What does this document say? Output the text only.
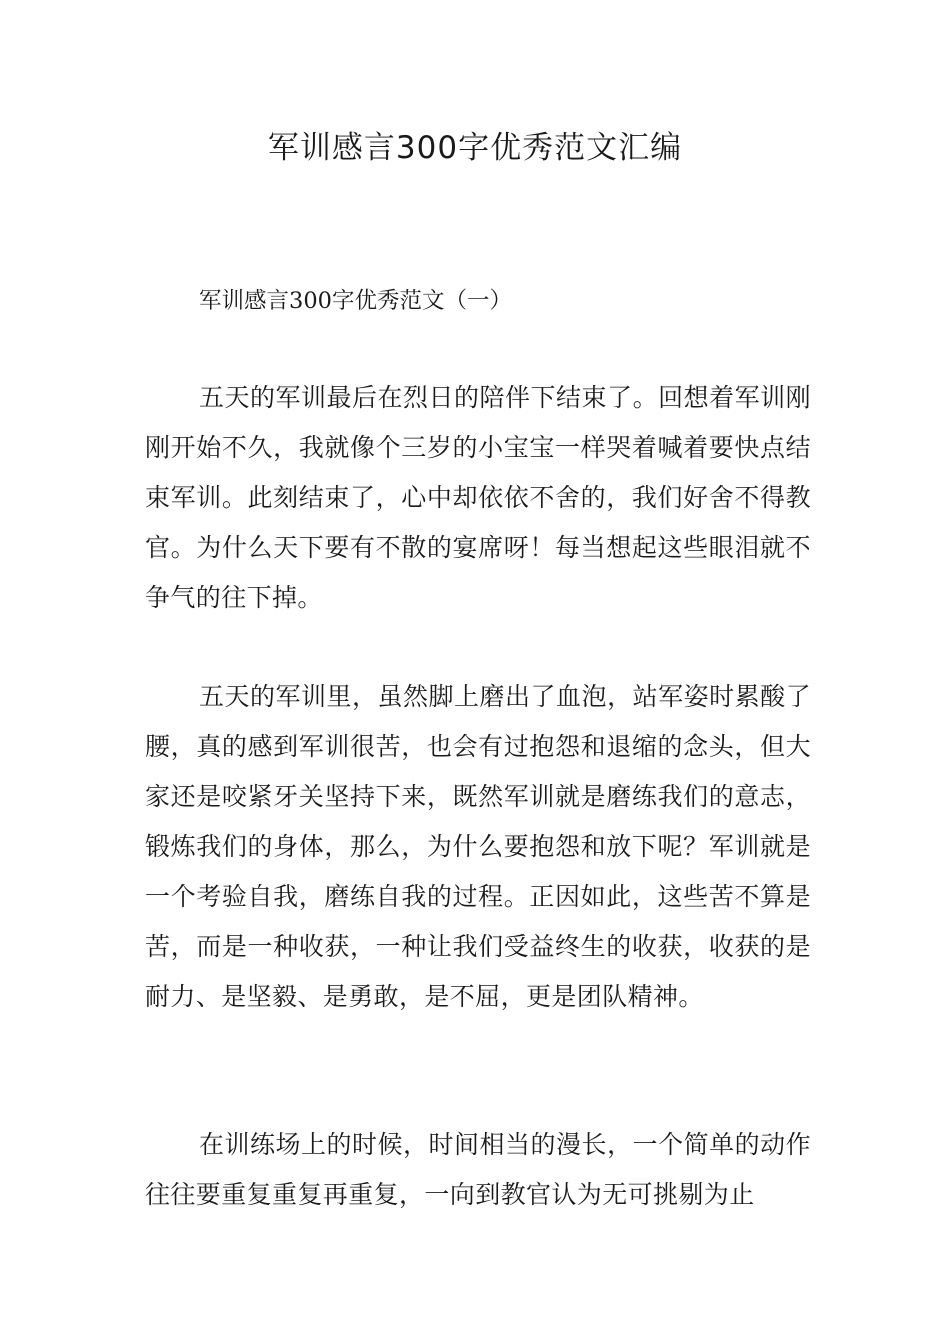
军训感言300字优秀范文汇编
军训感言300字优秀范文（一）

五天的军训最后在烈日的陪伴下结束了。回想着军训刚刚开始不久，我就像个三岁的小宝宝一样哭着喊着要快点结束军训。此刻结束了，心中却依依不舍的，我们好舍不得教官。为什么天下要有不散的宴席呀！每当想起这些眼泪就不争气的往下掉。

五天的军训里，虽然脚上磨出了血泡，站军姿时累酸了腰，真的感到军训很苦，也会有过抱怨和退缩的念头，但大家还是咬紧牙关坚持下来，既然军训就是磨练我们的意志，锻炼我们的身体，那么，为什么要抱怨和放下呢？军训就是一个考验自我，磨练自我的过程。正因如此，这些苦不算是苦，而是一种收获，一种让我们受益终生的收获，收获的是耐力、是坚毅、是勇敢，是不屈，更是团队精神。

在训练场上的时候，时间相当的漫长，一个简单的动作往往要重复重复再重复，一向到教官认为无可挑剔为止
